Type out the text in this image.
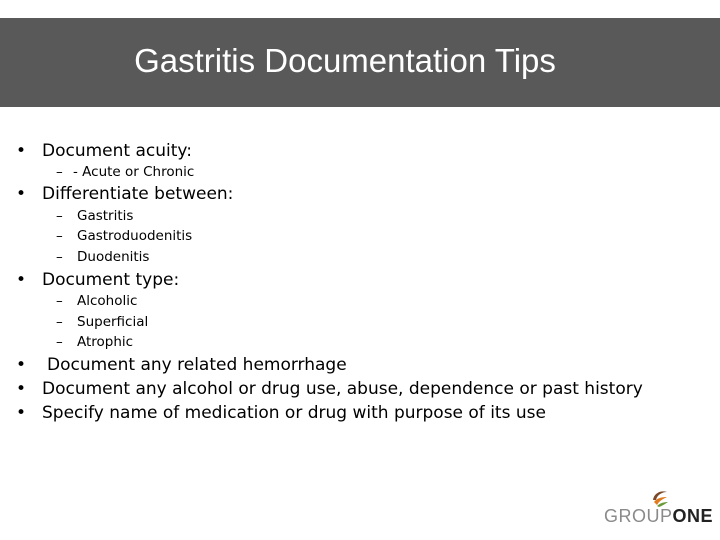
Gastritis Documentation Tips
• Document acuity:
– - Acute or Chronic
• Differentiate between:
– Gastritis
– Gastroduodenitis
– Duodenitis
• Document type:
– Alcoholic
– Superficial
– Atrophic
• Document any related hemorrhage
• Document any alcohol or drug use, abuse, dependence or past history
• Specify name of medication or drug with purpose of its use
GROUPONE
